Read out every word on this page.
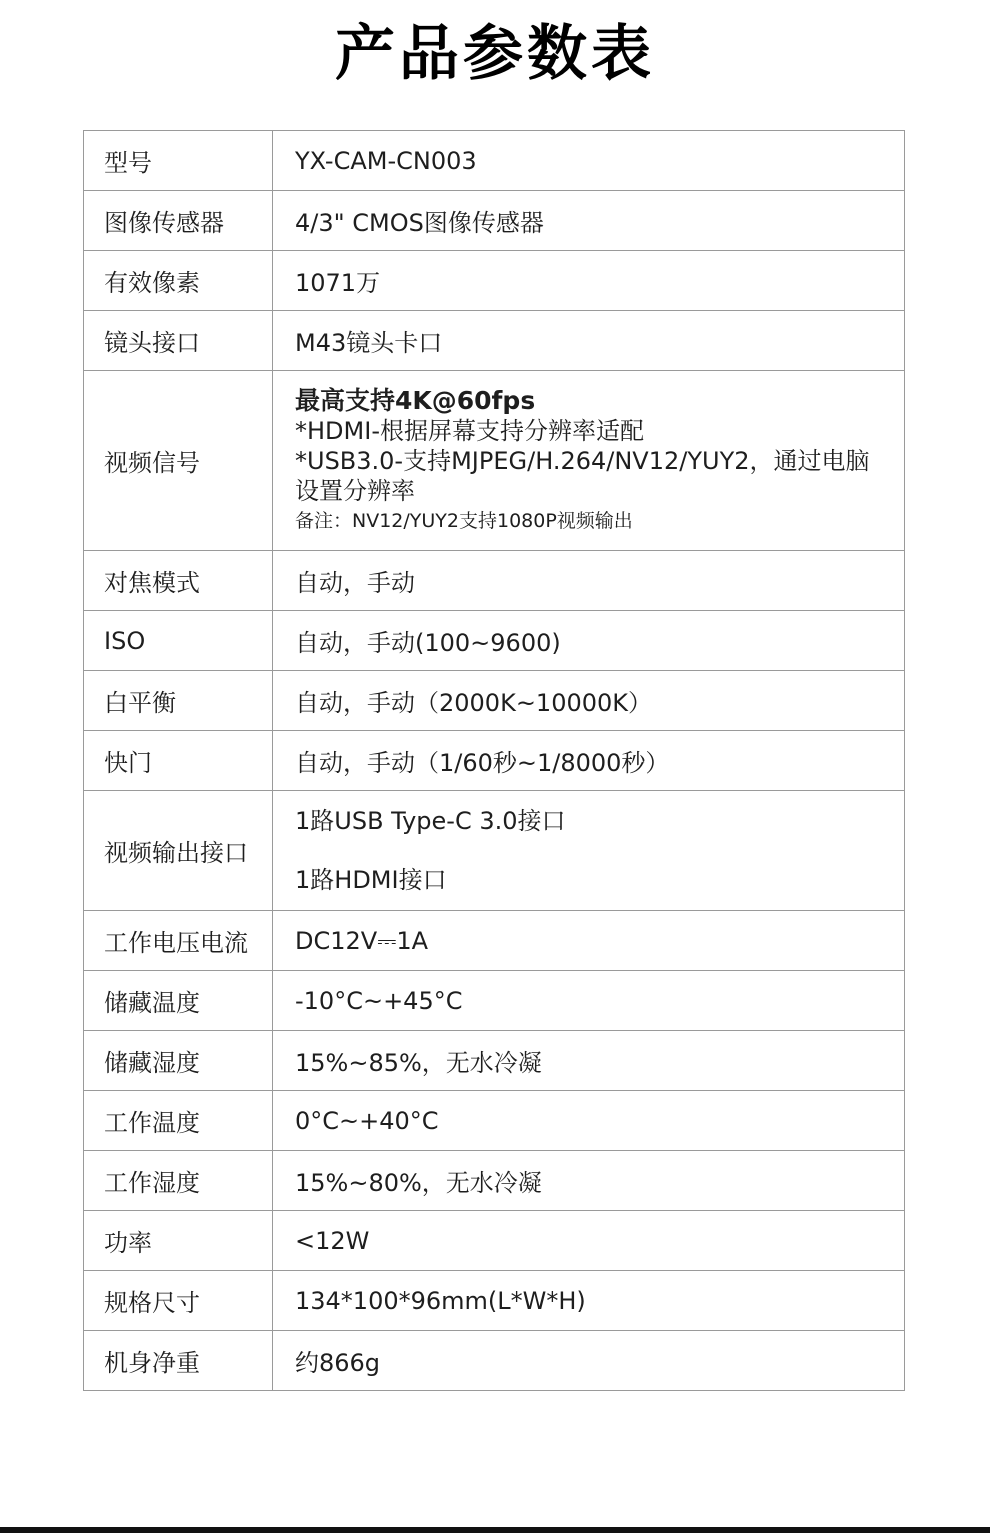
产品参数表
型号	YX-CAM-CN003
图像传感器	4/3" CMOS图像传感器
有效像素	1071万
镜头接口	M43镜头卡口
视频信号	最高支持4K@60fps
*HDMI-根据屏幕支持分辨率适配
*USB3.0-支持MJPEG/H.264/NV12/YUY2，通过电脑设置分辨率
备注：NV12/YUY2支持1080P视频输出

对焦模式	自动，手动
ISO	自动，手动(100~9600)
白平衡	自动，手动（2000K~10000K）
快门	自动，手动（1/60秒~1/8000秒）
视频输出接口	1路USB Type-C 3.0接口
1路HDMI接口

工作电压电流	DC12V⎓1A
储藏温度	-10°C~+45°C
储藏湿度	15%~85%，无水冷凝
工作温度	0°C~+40°C
工作湿度	15%~80%，无水冷凝
功率	<12W
规格尺寸	134*100*96mm(L*W*H)
机身净重	约866g
